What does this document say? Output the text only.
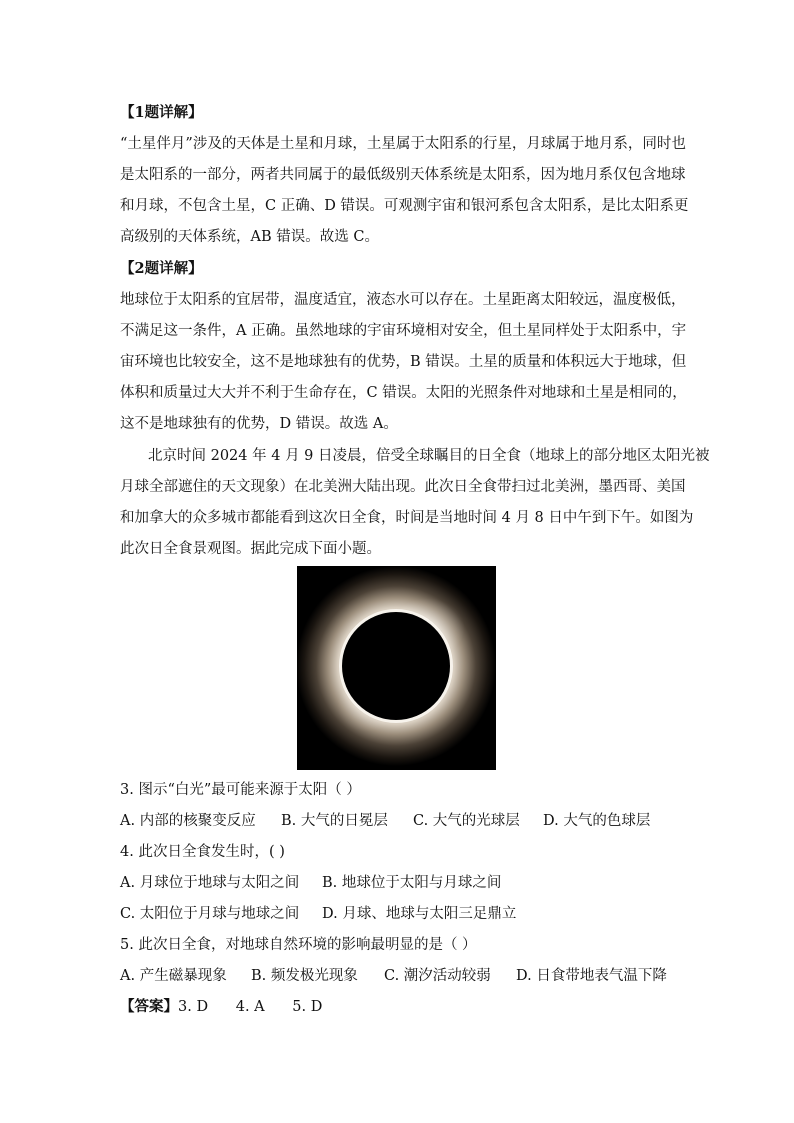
【1题详解】
“土星伴月”涉及的天体是土星和月球，土星属于太阳系的行星，月球属于地月系，同时也
是太阳系的一部分，两者共同属于的最低级别天体系统是太阳系，因为地月系仅包含地球
和月球，不包含土星，C 正确、D 错误。可观测宇宙和银河系包含太阳系，是比太阳系更
高级别的天体系统，AB 错误。故选 C。
【2题详解】
地球位于太阳系的宜居带，温度适宜，液态水可以存在。土星距离太阳较远，温度极低，
不满足这一条件，A 正确。虽然地球的宇宙环境相对安全，但土星同样处于太阳系中，宇
宙环境也比较安全，这不是地球独有的优势，B 错误。土星的质量和体积远大于地球，但
体积和质量过大大并不利于生命存在，C 错误。太阳的光照条件对地球和土星是相同的，
这不是地球独有的优势，D 错误。故选 A。
北京时间 2024 年 4 月 9 日凌晨，倍受全球瞩目的日全食（地球上的部分地区太阳光被
月球全部遮住的天文现象）在北美洲大陆出现。此次日全食带扫过北美洲，墨西哥、美国
和加拿大的众多城市都能看到这次日全食，时间是当地时间 4 月 8 日中午到下午。如图为
此次日全食景观图。据此完成下面小题。
3. 图示“白光”最可能来源于太阳（ ）
A. 内部的核聚变反应 B. 大气的日冕层 C. 大气的光球层 D. 大气的色球层
4. 此次日全食发生时，( )
A. 月球位于地球与太阳之间 B. 地球位于太阳与月球之间
C. 太阳位于月球与地球之间 D. 月球、地球与太阳三足鼎立
5. 此次日全食，对地球自然环境的影响最明显的是（ ）
A. 产生磁暴现象 B. 频发极光现象 C. 潮汐活动较弱 D. 日食带地表气温下降
【答案】3. D      4. A      5. D
